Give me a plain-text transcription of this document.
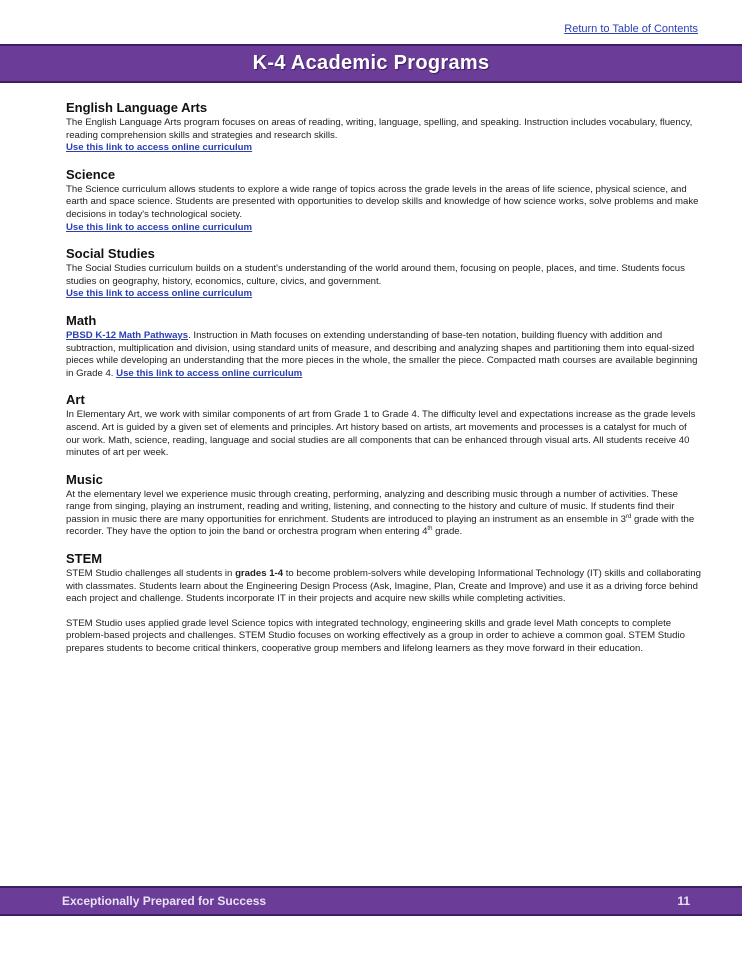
Return to Table of Contents
K-4 Academic Programs
English Language Arts

The English Language Arts program focuses on areas of reading, writing, language, spelling, and speaking. Instruction includes vocabulary, fluency, reading comprehension skills and strategies and research skills.
Use this link to access online curriculum

Science

The Science curriculum allows students to explore a wide range of topics across the grade levels in the areas of life science, physical science, and earth and space science. Students are presented with opportunities to develop skills and knowledge of how science works, solve problems and make decisions in today's technological society.
Use this link to access online curriculum

Social Studies

The Social Studies curriculum builds on a student's understanding of the world around them, focusing on people, places, and time. Students focus studies on geography, history, economics, culture, civics, and government.
Use this link to access online curriculum

Math

PBSD K-12 Math Pathways. Instruction in Math focuses on extending understanding of base-ten notation, building fluency with addition and subtraction, multiplication and division, using standard units of measure, and describing and analyzing shapes and partitioning them into equal-sized pieces while developing an understanding that the more pieces in the whole, the smaller the piece. Compacted math courses are available beginning in Grade 4. Use this link to access online curriculum

Art

In Elementary Art, we work with similar components of art from Grade 1 to Grade 4. The difficulty level and expectations increase as the grade levels ascend. Art is guided by a given set of elements and principles. Art history based on artists, art movements and processes is a catalyst for much of our work. Math, science, reading, language and social studies are all components that can be enhanced through visual arts. All students receive 40 minutes of art per week.

Music

At the elementary level we experience music through creating, performing, analyzing and describing music through a number of activities. These range from singing, playing an instrument, reading and writing, listening, and connecting to the history and culture of music. If students find their passion in music there are many opportunities for enrichment. Students are introduced to playing an instrument as an ensemble in 3rd grade with the recorder. They have the option to join the band or orchestra program when entering 4th grade.

STEM

STEM Studio challenges all students in grades 1-4 to become problem-solvers while developing Informational Technology (IT) skills and collaborating with classmates. Students learn about the Engineering Design Process (Ask, Imagine, Plan, Create and Improve) and use it as a driving force behind each project and challenge. Students incorporate IT in their projects and acquire new skills while completing activities.

STEM Studio uses applied grade level Science topics with integrated technology, engineering skills and grade level Math concepts to complete problem-based projects and challenges. STEM Studio focuses on working effectively as a group in order to achieve a common goal. STEM Studio prepares students to become critical thinkers, cooperative group members and lifelong learners as they move forward in their education.

Exceptionally Prepared for Success	11
